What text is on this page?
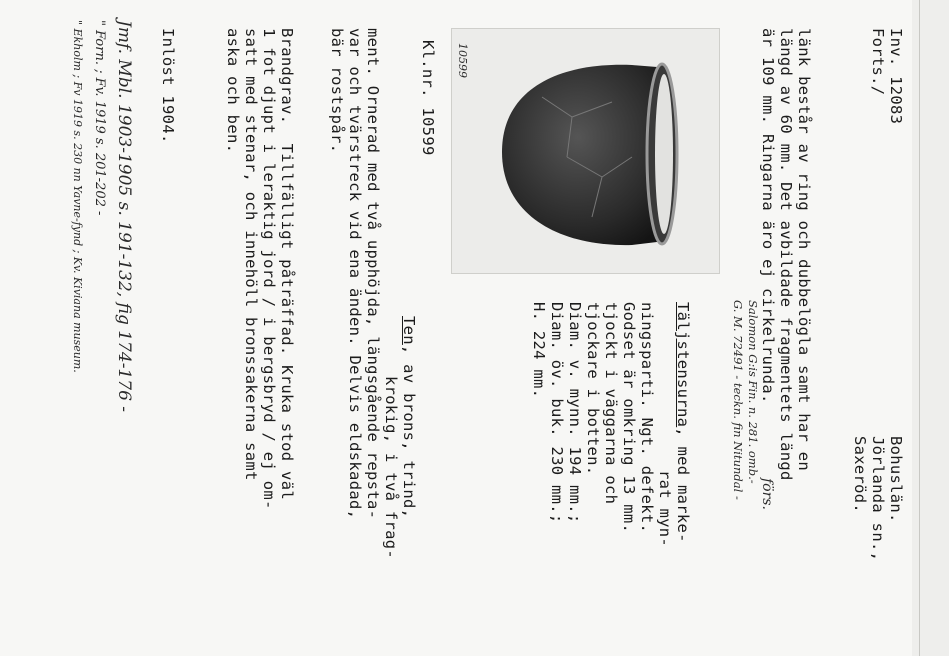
Inv. 12083
Forts./
Bohuslän.
Jörlanda sn.,
Saxeröd.
länk består av ring och dubbelögla samt har en
längd av 60 mm. Det avbildade fragmentets längd
är 109 mm. Ringarna äro ej cirkelrunda.
förs.
10599
Kl.nr. 10599
Täljstensurna, med marke-
rat myn-
ningsparti. Ngt. defekt.
Godset är omkring 13 mm.
tjockt i väggarna och
tjockare i botten.
Diam. v. mynn. 194 mm.;
Diam. öv. buk. 230 mm.;
H. 224 mm.	Salomon G:is Fin. n. 281. omb.-
G. M. 72491 - teckn. fin Nitundal -
Ten, av brons, trind,
krokig, i två frag-
ment. Ornerad med två upphöjda, längsgående repsta-
var och tvärstreck vid ena änden. Delvis eldskadad,
bär rostspår.
Brandgrav.  Tillfälligt påträffad. Kruka stod väl
1 fot djupt i leraktig jord / i bergsbryd / ej om-
satt med stenar, och innehöll bronssakerna samt
aska och ben.
Inlöst 1904.
Jmf. Mbl. 1903-1905 s. 191-132, fig 174-176 -
" Forn. ; Fv. 1919 s. 201-202 -
" Ekholm ; Fv 1919 s. 230 nn Yavne-fynd ; Kv. Kiviana museum.
